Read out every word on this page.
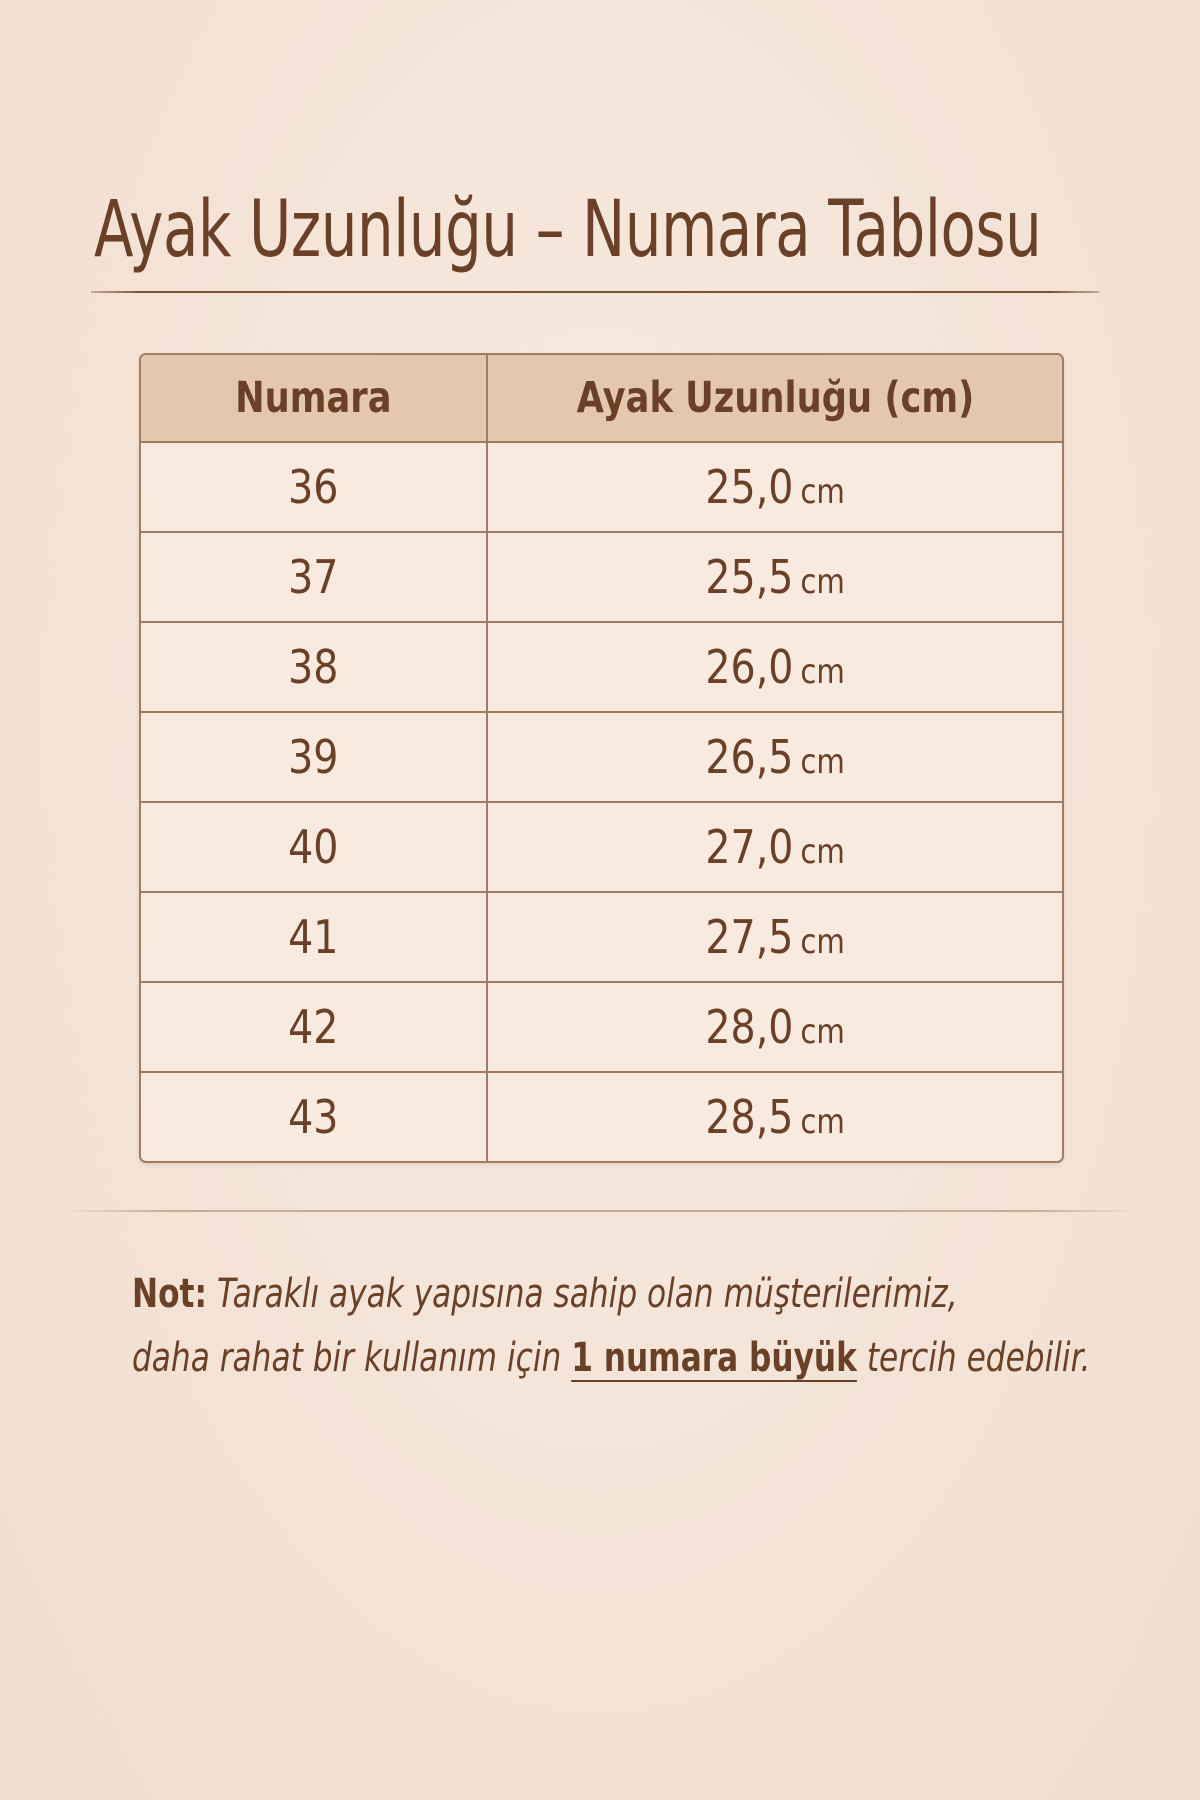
Ayak Uzunluğu – Numara Tablosu
Numara	Ayak Uzunluğu (cm)
36	25,0 cm
37	25,5 cm
38	26,0 cm
39	26,5 cm
40	27,0 cm
41	27,5 cm
42	28,0 cm
43	28,5 cm
Not: Taraklı ayak yapısına sahip olan müşterilerimiz,
daha rahat bir kullanım için 1 numara büyük tercih edebilir.
